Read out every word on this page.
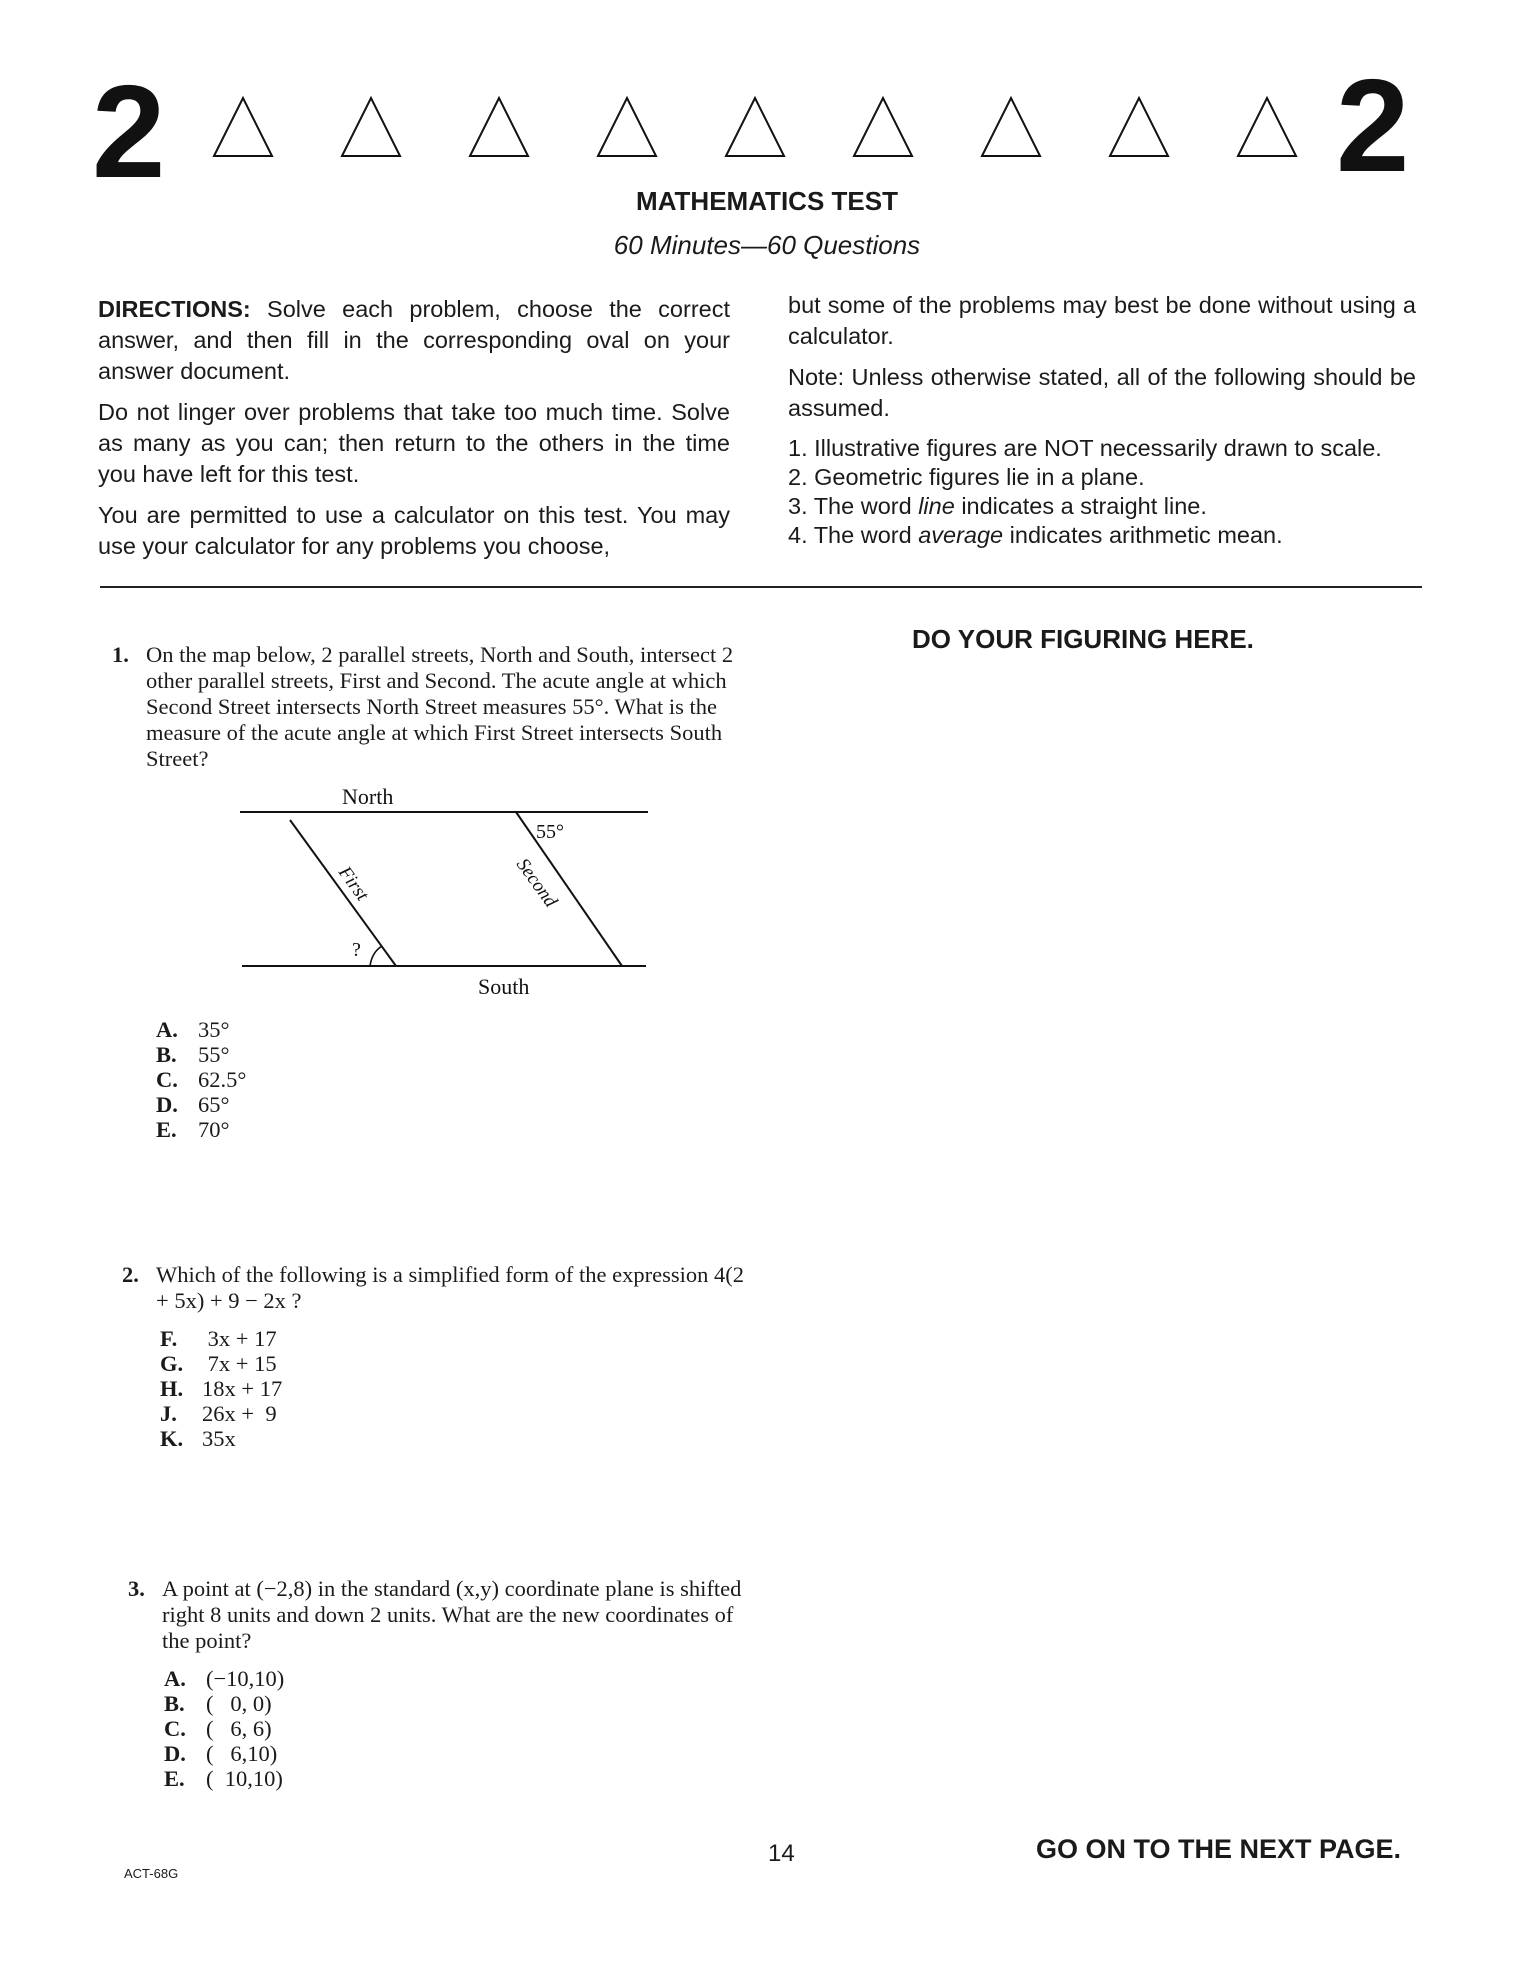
2	2
MATHEMATICS TEST
60 Minutes—60 Questions

DIRECTIONS: Solve each problem, choose the correct answer, and then fill in the corresponding oval on your answer document.

Do not linger over problems that take too much time. Solve as many as you can; then return to the others in the time you have left for this test.

You are permitted to use a calculator on this test. You may use your calculator for any problems you choose,

but some of the problems may best be done without using a calculator.

Note: Unless otherwise stated, all of the following should be assumed.

1. Illustrative figures are NOT necessarily drawn to scale.
2. Geometric figures lie in a plane.
3. The word line indicates a straight line.
4. The word average indicates arithmetic mean.
DO YOUR FIGURING HERE.
1. On the map below, 2 parallel streets, North and South, intersect 2 other parallel streets, First and Second. The acute angle at which Second Street intersects North Street measures 55°. What is the measure of the acute angle at which First Street intersects South Street?
North
South
55°
?
First	Second
A. 35°
B. 55°
C. 62.5°
D. 65°
E. 70°
2. Which of the following is a simplified form of the expression 4(2 + 5x) + 9 − 2x ?
F. 3x + 17
G. 7x + 15
H. 18x + 17
J. 26x +  9
K. 35x
3. A point at (−2,8) in the standard (x,y) coordinate plane is shifted right 8 units and down 2 units. What are the new coordinates of the point?
A. (−10,10)
B. (   0, 0)
C. (   6, 6)
D. (   6,10)
E. (  10,10)
ACT-68G
14	GO ON TO THE NEXT PAGE.
